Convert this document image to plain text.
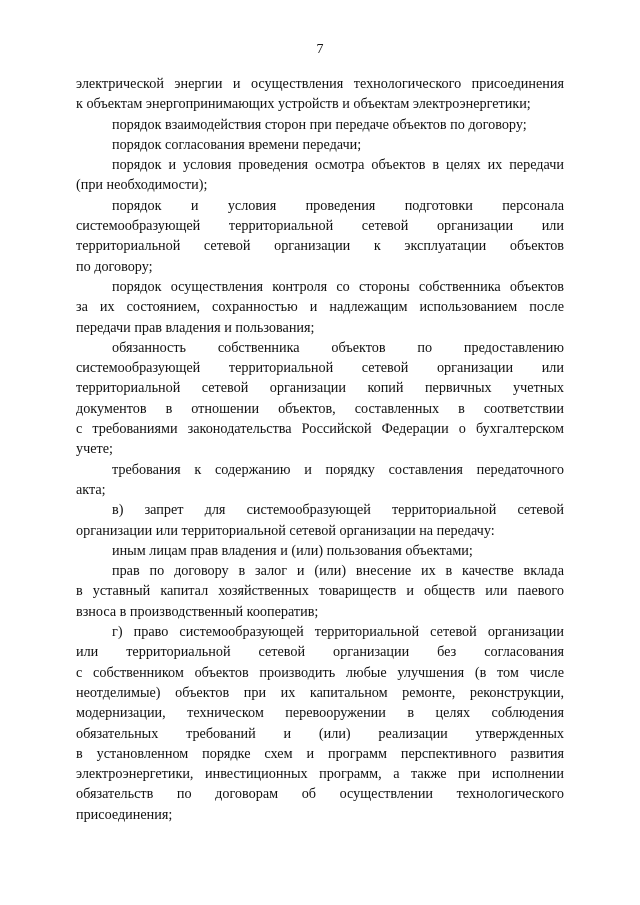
7
электрической энергии и осуществления технологического присоединения
к объектам энергопринимающих устройств и объектам электроэнергетики;
порядок взаимодействия сторон при передаче объектов по договору;
порядок согласования времени передачи;
порядок и условия проведения осмотра объектов в целях их передачи
(при необходимости);
порядок и условия проведения подготовки персонала
системообразующей территориальной сетевой организации или
территориальной сетевой организации к эксплуатации объектов
по договору;
порядок осуществления контроля со стороны собственника объектов
за их состоянием, сохранностью и надлежащим использованием после
передачи прав владения и пользования;
обязанность собственника объектов по предоставлению
системообразующей территориальной сетевой организации или
территориальной сетевой организации копий первичных учетных
документов в отношении объектов, составленных в соответствии
с требованиями законодательства Российской Федерации о бухгалтерском
учете;
требования к содержанию и порядку составления передаточного
акта;
в) запрет для системообразующей территориальной сетевой
организации или территориальной сетевой организации на передачу:
иным лицам прав владения и (или) пользования объектами;
прав по договору в залог и (или) внесение их в качестве вклада
в уставный капитал хозяйственных товариществ и обществ или паевого
взноса в производственный кооператив;
г) право системообразующей территориальной сетевой организации
или территориальной сетевой организации без согласования
с собственником объектов производить любые улучшения (в том числе
неотделимые) объектов при их капитальном ремонте, реконструкции,
модернизации, техническом перевооружении в целях соблюдения
обязательных требований и (или) реализации утвержденных
в установленном порядке схем и программ перспективного развития
электроэнергетики, инвестиционных программ, а также при исполнении
обязательств по договорам об осуществлении технологического
присоединения;
